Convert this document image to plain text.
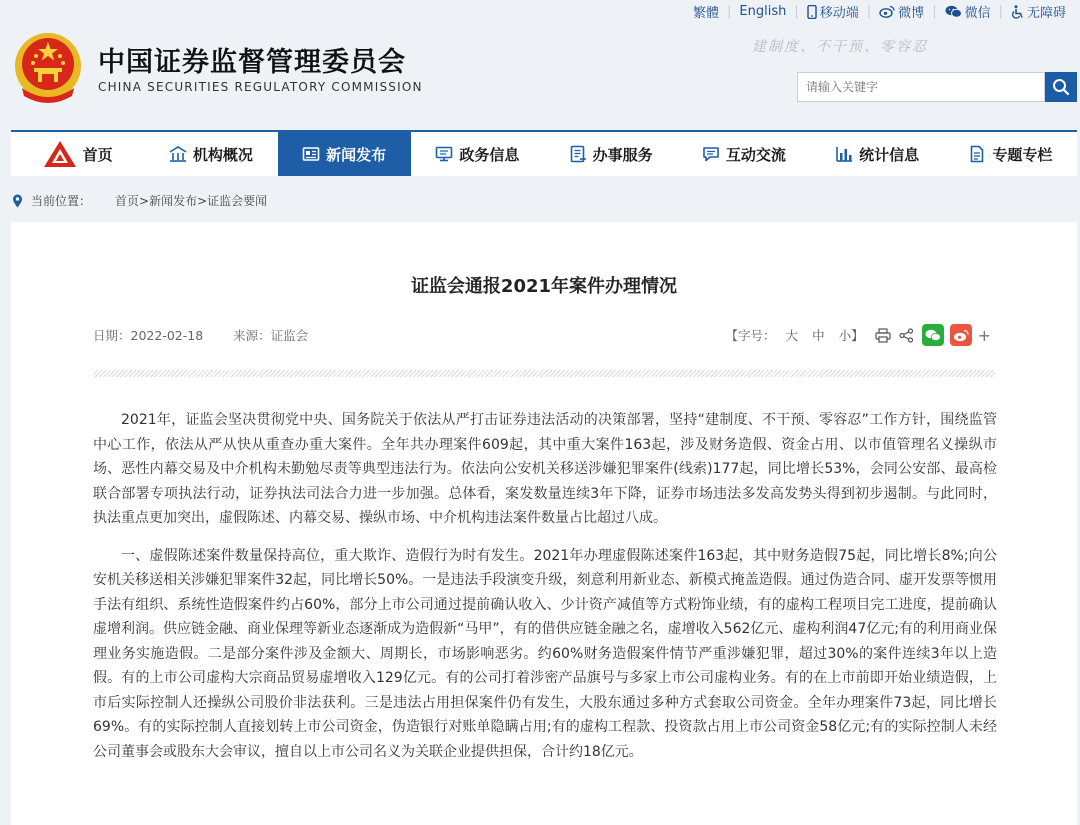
繁體 | English | 移动端 | 微博 | 微信 | 无障碍
中国证券监督管理委员会
CHINA SECURITIES REGULATORY COMMISSION
建制度、不干预、零容忍
请输入关键字
首页	机构概况	新闻发布	政务信息	办事服务	互动交流	统计信息	专题专栏
当前位置： 首页>新闻发布>证监会要闻
证监会通报2021年案件办理情况
日期：2022-02-18 来源：证监会	【字号： 大 中 小】	+

2021年，证监会坚决贯彻党中央、国务院关于依法从严打击证券违法活动的决策部署，坚持“建制度、不干预、零容忍”工作方针，围绕监管中心工作，依法从严从快从重查办重大案件。全年共办理案件609起，其中重大案件163起，涉及财务造假、资金占用、以市值管理名义操纵市场、恶性内幕交易及中介机构未勤勉尽责等典型违法行为。依法向公安机关移送涉嫌犯罪案件(线索)177起，同比增长53%，会同公安部、最高检联合部署专项执法行动，证券执法司法合力进一步加强。总体看，案发数量连续3年下降，证券市场违法多发高发势头得到初步遏制。与此同时，执法重点更加突出，虚假陈述、内幕交易、操纵市场、中介机构违法案件数量占比超过八成。

一、虚假陈述案件数量保持高位，重大欺诈、造假行为时有发生。2021年办理虚假陈述案件163起，其中财务造假75起，同比增长8%;向公安机关移送相关涉嫌犯罪案件32起，同比增长50%。一是违法手段演变升级，刻意利用新业态、新模式掩盖造假。通过伪造合同、虚开发票等惯用手法有组织、系统性造假案件约占60%，部分上市公司通过提前确认收入、少计资产减值等方式粉饰业绩，有的虚构工程项目完工进度，提前确认虚增利润。供应链金融、商业保理等新业态逐渐成为造假新“马甲”，有的借供应链金融之名，虚增收入562亿元、虚构利润47亿元;有的利用商业保理业务实施造假。二是部分案件涉及金额大、周期长，市场影响恶劣。约60%财务造假案件情节严重涉嫌犯罪，超过30%的案件连续3年以上造假。有的上市公司虚构大宗商品贸易虚增收入129亿元。有的公司打着涉密产品旗号与多家上市公司虚构业务。有的在上市前即开始业绩造假，上市后实际控制人还操纵公司股价非法获利。三是违法占用担保案件仍有发生，大股东通过多种方式套取公司资金。全年办理案件73起，同比增长69%。有的实际控制人直接划转上市公司资金，伪造银行对账单隐瞒占用;有的虚构工程款、投资款占用上市公司资金58亿元;有的实际控制人未经公司董事会或股东大会审议，擅自以上市公司名义为关联企业提供担保，合计约18亿元。
